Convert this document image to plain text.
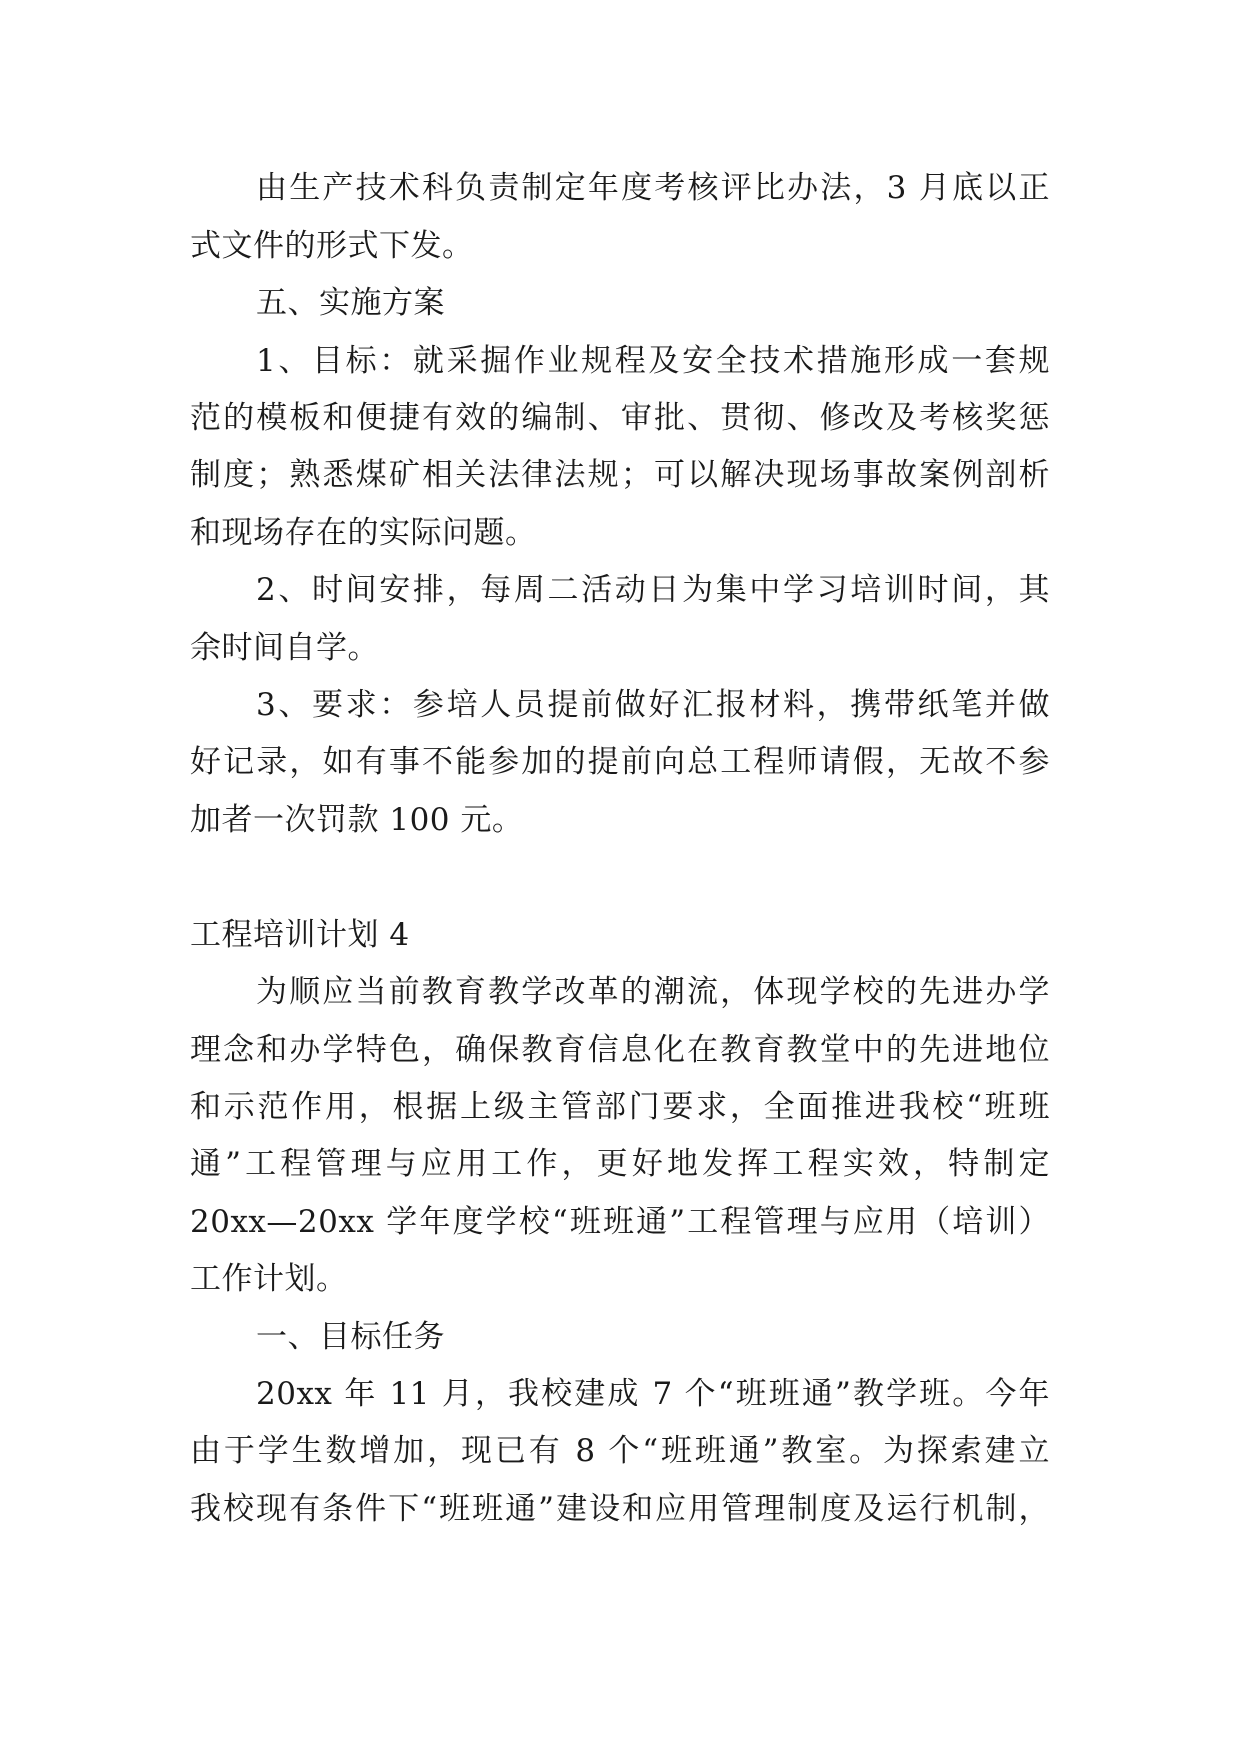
由生产技术科负责制定年度考核评比办法，3 月底以正
式文件的形式下发。
五、实施方案
1、目标：就采掘作业规程及安全技术措施形成一套规
范的模板和便捷有效的编制、审批、贯彻、修改及考核奖惩
制度；熟悉煤矿相关法律法规；可以解决现场事故案例剖析
和现场存在的实际问题。
2、时间安排，每周二活动日为集中学习培训时间，其
余时间自学。
3、要求：参培人员提前做好汇报材料，携带纸笔并做
好记录，如有事不能参加的提前向总工程师请假，无故不参
加者一次罚款 100 元。
工程培训计划 4
为顺应当前教育教学改革的潮流，体现学校的先进办学
理念和办学特色，确保教育信息化在教育教堂中的先进地位
和示范作用，根据上级主管部门要求，全面推进我校“班班
通”工程管理与应用工作，更好地发挥工程实效，特制定
20xx—20xx 学年度学校“班班通”工程管理与应用（培训）
工作计划。
一、目标任务
20xx 年 11 月，我校建成 7 个“班班通”教学班。今年
由于学生数增加，现已有 8 个“班班通”教室。为探索建立
我校现有条件下“班班通”建设和应用管理制度及运行机制，
